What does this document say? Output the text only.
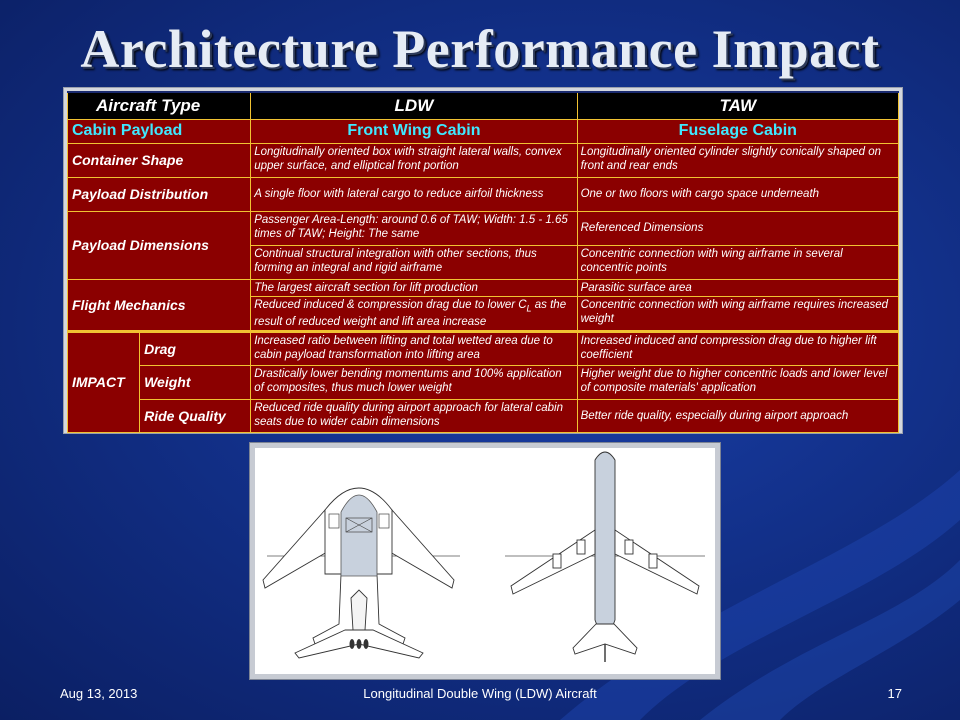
Architecture Performance Impact
Aircraft Type		LDW	TAW
Cabin Payload		Front Wing Cabin	Fuselage Cabin
Container Shape		Longitudinally oriented box with straight lateral walls, convex upper surface, and elliptical front portion	Longitudinally oriented cylinder slightly conically shaped on front and rear ends
Payload Distribution		A single floor with lateral cargo to reduce airfoil thickness	One or two floors with cargo space underneath
Payload Dimensions		Passenger Area-Length: around 0.6 of TAW; Width: 1.5 - 1.65 times of TAW; Height: The same	Referenced Dimensions
		Continual structural integration with other sections, thus forming an integral and rigid airframe	Concentric connection with wing airframe in several concentric points
Flight Mechanics		The largest aircraft section for lift production	Parasitic surface area
		Reduced induced & compression drag due to lower $C_L$ as the result of reduced weight and lift area increase	Concentric connection with wing airframe requires increased weight
IMPACT	Drag	Increased ratio between lifting and total wetted area due to cabin payload transformation into lifting area	Increased induced and compression drag due to higher lift coefficient
	Weight	Drastically lower bending momentums and 100% application of composites, thus much lower weight	Higher weight due to higher concentric loads and lower level of composite materials' application
	Ride Quality	Reduced ride quality during airport approach for lateral cabin seats due to wider cabin dimensions	Better ride quality, especially during airport approach
Aug 13, 2013	Longitudinal Double Wing (LDW) Aircraft	17
